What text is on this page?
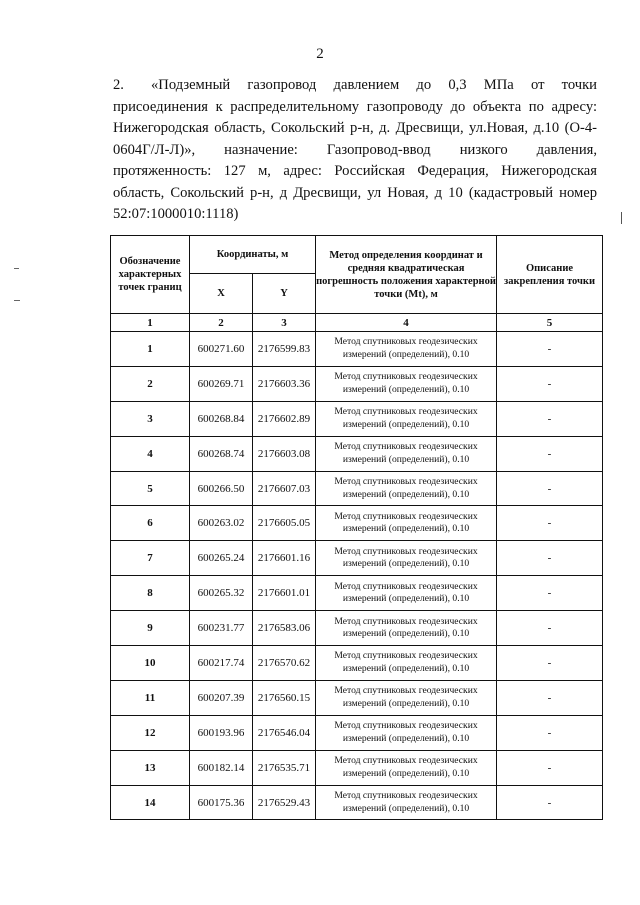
2
2. «Подземный газопровод давлением до 0,3 МПа от точки присоединения к распределительному газопроводу до объекта по адресу: Нижегородская область, Сокольский р-н, д. Дресвищи, ул.Новая, д.10 (О-4-0604Г/Л-Л)», назначение: Газопровод-ввод низкого давления, протяженность: 127 м, адрес: Российская Федерация, Нижегородская область, Сокольский р-н, д Дресвищи, ул Новая, д 10 (кадастровый номер 52:07:1000010:1118)
Обозначение характерных точек границ	Координаты, м		Метод определения координат и средняя квадратическая погрешность положения характерной точки (Mt), м	Описание закрепления точки
	X	Y		
1	2	3	4	5
1	600271.60	2176599.83	Метод спутниковых геодезических измерений (определений), 0.10	-
2	600269.71	2176603.36	Метод спутниковых геодезических измерений (определений), 0.10	-
3	600268.84	2176602.89	Метод спутниковых геодезических измерений (определений), 0.10	-
4	600268.74	2176603.08	Метод спутниковых геодезических измерений (определений), 0.10	-
5	600266.50	2176607.03	Метод спутниковых геодезических измерений (определений), 0.10	-
6	600263.02	2176605.05	Метод спутниковых геодезических измерений (определений), 0.10	-
7	600265.24	2176601.16	Метод спутниковых геодезических измерений (определений), 0.10	-
8	600265.32	2176601.01	Метод спутниковых геодезических измерений (определений), 0.10	-
9	600231.77	2176583.06	Метод спутниковых геодезических измерений (определений), 0.10	-
10	600217.74	2176570.62	Метод спутниковых геодезических измерений (определений), 0.10	-
11	600207.39	2176560.15	Метод спутниковых геодезических измерений (определений), 0.10	-
12	600193.96	2176546.04	Метод спутниковых геодезических измерений (определений), 0.10	-
13	600182.14	2176535.71	Метод спутниковых геодезических измерений (определений), 0.10	-
14	600175.36	2176529.43	Метод спутниковых геодезических измерений (определений), 0.10	-
